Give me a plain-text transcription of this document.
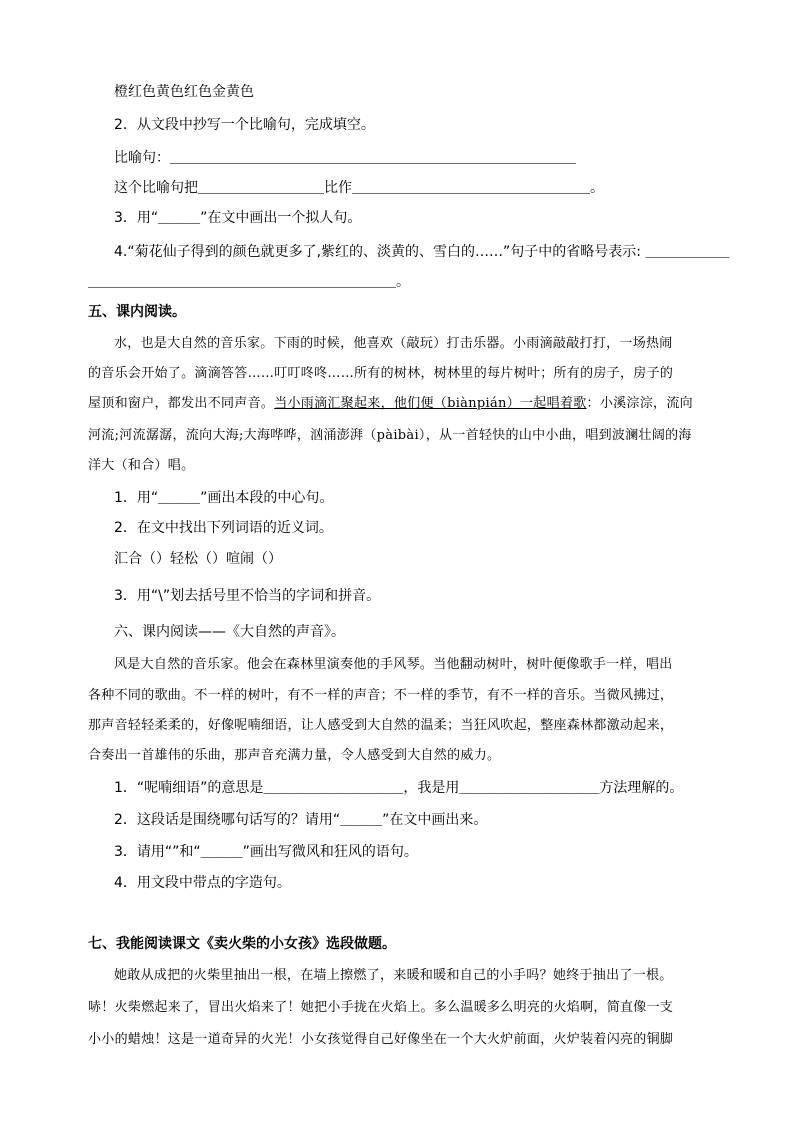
橙红色黄色红色金黄色
2．从文段中抄写一个比喻句，完成填空。
比喻句：＿＿＿＿＿＿＿＿＿＿＿＿＿＿＿＿＿＿＿＿＿＿＿＿＿＿＿＿＿
这个比喻句把＿＿＿＿＿＿＿＿＿比作＿＿＿＿＿＿＿＿＿＿＿＿＿＿＿＿＿。
3．用“＿＿＿”在文中画出一个拟人句。
4.“菊花仙子得到的颜色就更多了,紫红的、淡黄的、雪白的……”句子中的省略号表示: ＿＿＿＿＿＿
＿＿＿＿＿＿＿＿＿＿＿＿＿＿＿＿＿＿＿＿＿＿。
五、课内阅读。
水，也是大自然的音乐家。下雨的时候，他喜欢（敲玩）打击乐器。小雨滴敲敲打打，一场热闹
的音乐会开始了。滴滴答答……叮叮咚咚……所有的树林，树林里的每片树叶；所有的房子，房子的
屋顶和窗户，都发出不同声音。当小雨滴汇聚起来，他们便（biànpián）一起唱着歌：小溪淙淙，流向
河流;河流潺潺，流向大海;大海哗哗，汹涌澎湃（pàibài），从一首轻快的山中小曲，唱到波澜壮阔的海
洋大（和合）唱。
1．用“＿＿＿”画出本段的中心句。
2．在文中找出下列词语的近义词。
汇合（）轻松（）喧闹（）
3．用“\”划去括号里不恰当的字词和拼音。
六、课内阅读——《大自然的声音》。
风是大自然的音乐家。他会在森林里演奏他的手风琴。当他翻动树叶，树叶便像歌手一样，唱出
各种不同的歌曲。不一样的树叶，有不一样的声音；不一样的季节，有不一样的音乐。当微风拂过，
那声音轻轻柔柔的，好像呢喃细语，让人感受到大自然的温柔；当狂风吹起，整座森林都激动起来，
合奏出一首雄伟的乐曲，那声音充满力量，令人感受到大自然的威力。
1．“呢喃细语”的意思是＿＿＿＿＿＿＿＿＿＿，我是用＿＿＿＿＿＿＿＿＿＿方法理解的。
2．这段话是围绕哪句话写的？请用“＿＿＿”在文中画出来。
3．请用“”和“＿＿＿”画出写微风和狂风的语句。
4．用文段中带点的字造句。
七、我能阅读课文《卖火柴的小女孩》选段做题。
她敢从成把的火柴里抽出一根，在墙上擦燃了，来暖和暖和自己的小手吗？她终于抽出了一根。
哧！火柴燃起来了，冒出火焰来了！她把小手拢在火焰上。多么温暖多么明亮的火焰啊，简直像一支
小小的蜡烛！这是一道奇异的火光！小女孩觉得自己好像坐在一个大火炉前面，火炉装着闪亮的铜脚
